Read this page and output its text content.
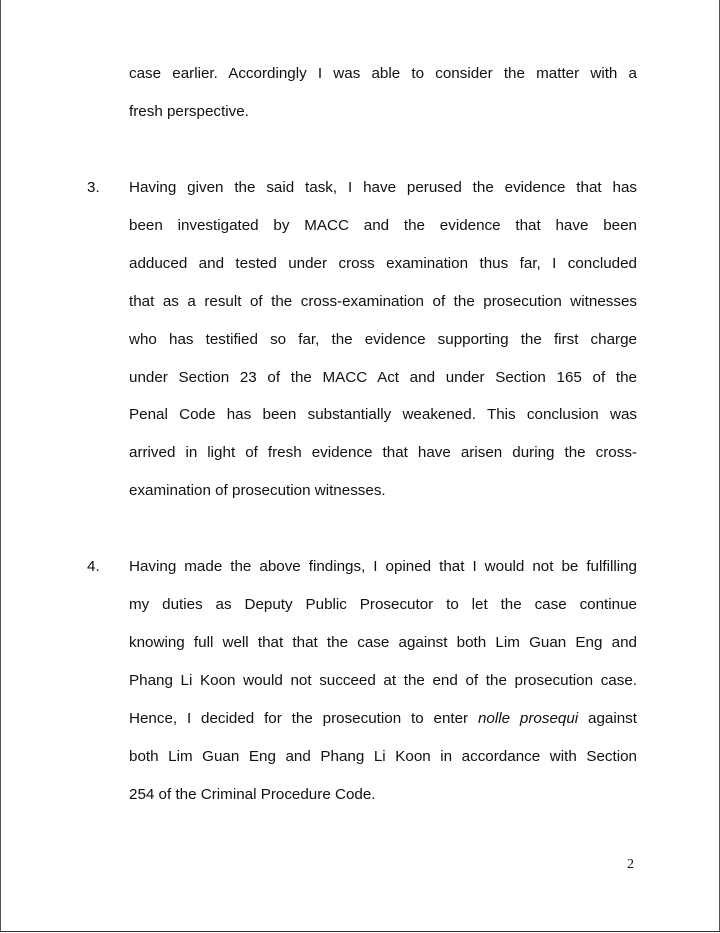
case earlier. Accordingly I was able to consider the matter with a
fresh perspective.
3. Having given the said task, I have perused the evidence that has
been investigated by MACC and the evidence that have been
adduced and tested under cross examination thus far, I concluded
that as a result of the cross-examination of the prosecution witnesses
who has testified so far, the evidence supporting the first charge
under Section 23 of the MACC Act and under Section 165 of the
Penal Code has been substantially weakened. This conclusion was
arrived in light of fresh evidence that have arisen during the cross-
examination of prosecution witnesses.
4. Having made the above findings, I opined that I would not be fulfilling
my duties as Deputy Public Prosecutor to let the case continue
knowing full well that that the case against both Lim Guan Eng and
Phang Li Koon would not succeed at the end of the prosecution case.
Hence, I decided for the prosecution to enter nolle prosequi against
both Lim Guan Eng and Phang Li Koon in accordance with Section
254 of the Criminal Procedure Code.
2
